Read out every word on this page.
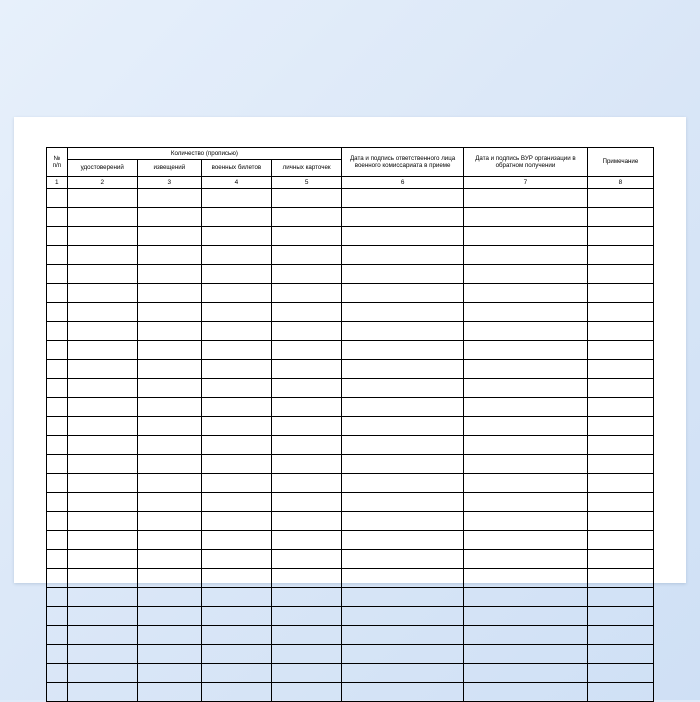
№
п/п	Количество (прописью)				Дата и подпись ответственного лица военного комиссариата в приеме	Дата и подпись ВУР организации в обратном получении	Примечание
	удостоверений	извещений	военных билетов	личных карточек			
1	2	3	4	5	6	7	8
